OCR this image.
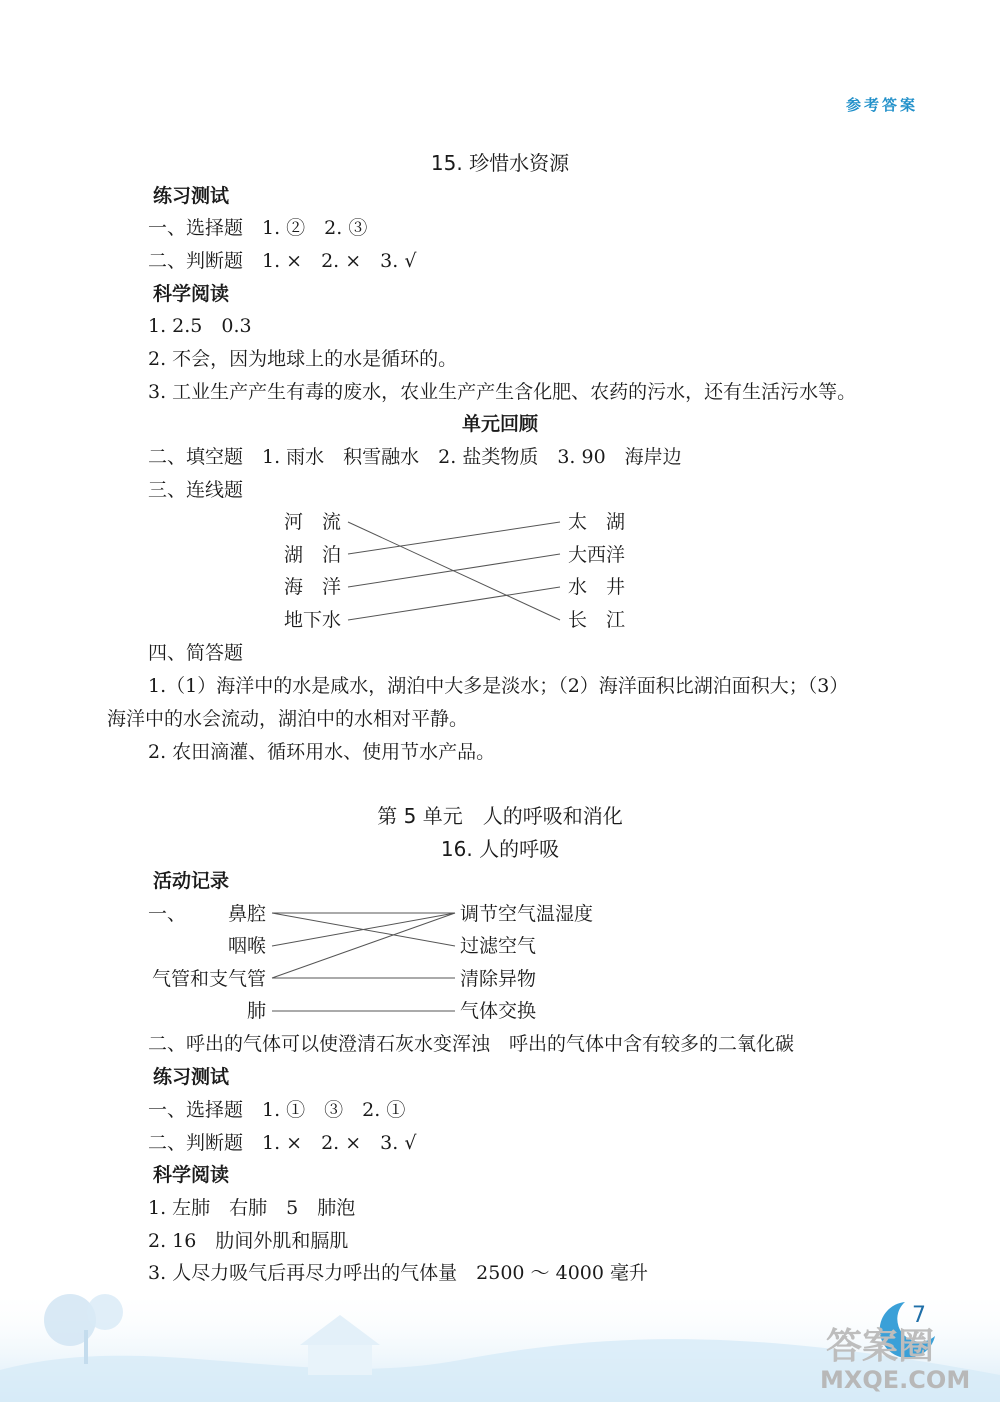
参考答案
15. 珍惜水资源
练习测试
一、选择题　1. ②　2. ③
二、判断题　1. ×　2. ×　3. √
科学阅读
1. 2.5　0.3
2. 不会，因为地球上的水是循环的。
3. 工业生产产生有毒的废水，农业生产产生含化肥、农药的污水，还有生活污水等。
单元回顾
二、填空题　1. 雨水　积雪融水　2. 盐类物质　3. 90　海岸边
三、连线题
河　流
湖　泊
海　洋
地下水
太　湖
大西洋
水　井
长　江
四、简答题
1.（1）海洋中的水是咸水，湖泊中大多是淡水；（2）海洋面积比湖泊面积大；（3）
海洋中的水会流动，湖泊中的水相对平静。
2. 农田滴灌、循环用水、使用节水产品。
第 5 单元　人的呼吸和消化
16. 人的呼吸
活动记录
一、 鼻腔
咽喉
气管和支气管
肺
调节空气温湿度
过滤空气
清除异物
气体交换
二、呼出的气体可以使澄清石灰水变浑浊　呼出的气体中含有较多的二氧化碳
练习测试
一、选择题　1. ①　③　2. ①
二、判断题　1. ×　2. ×　3. √
科学阅读
1. 左肺　右肺　5　肺泡
2. 16　肋间外肌和膈肌
3. 人尽力吸气后再尽力呼出的气体量　2500 ～ 4000 毫升
7
答案圈
MXQE.COM
